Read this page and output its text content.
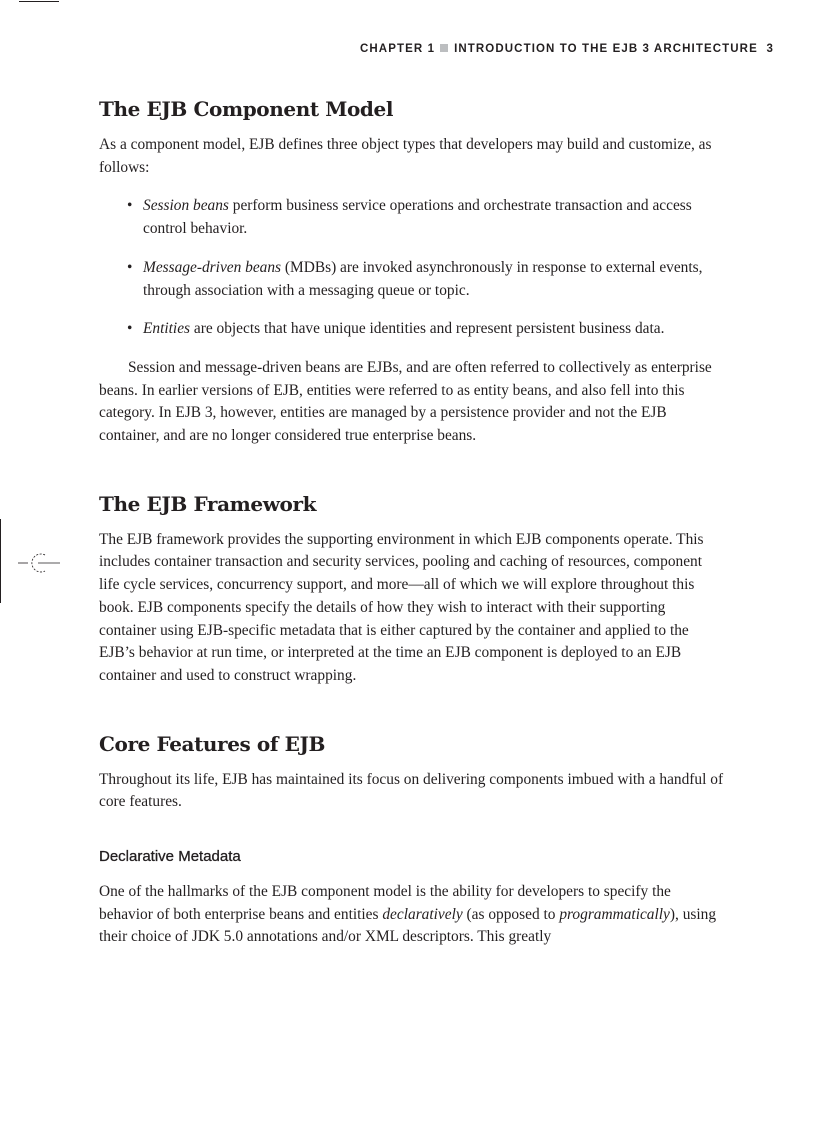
CHAPTER 1 INTRODUCTION TO THE EJB 3 ARCHITECTURE 3
The EJB Component Model

As a component model, EJB defines three object types that developers may build and customize, as follows:

• Session beans perform business service operations and orchestrate transaction and access control behavior.
• Message-driven beans (MDBs) are invoked asynchronously in response to external events, through association with a messaging queue or topic.
• Entities are objects that have unique identities and represent persistent business data.

Session and message-driven beans are EJBs, and are often referred to collectively as enterprise beans. In earlier versions of EJB, entities were referred to as entity beans, and also fell into this category. In EJB 3, however, entities are managed by a persistence provider and not the EJB container, and are no longer considered true enterprise beans.

The EJB Framework

The EJB framework provides the supporting environment in which EJB components operate. This includes container transaction and security services, pooling and caching of resources, component life cycle services, concurrency support, and more—all of which we will explore throughout this book. EJB components specify the details of how they wish to interact with their supporting container using EJB-specific metadata that is either captured by the container and applied to the EJB’s behavior at run time, or interpreted at the time an EJB component is deployed to an EJB container and used to construct wrapping.

Core Features of EJB

Throughout its life, EJB has maintained its focus on delivering components imbued with a handful of core features.

Declarative Metadata

One of the hallmarks of the EJB component model is the ability for developers to specify the behavior of both enterprise beans and entities declaratively (as opposed to programmatically), using their choice of JDK 5.0 annotations and/or XML descriptors. This greatly
